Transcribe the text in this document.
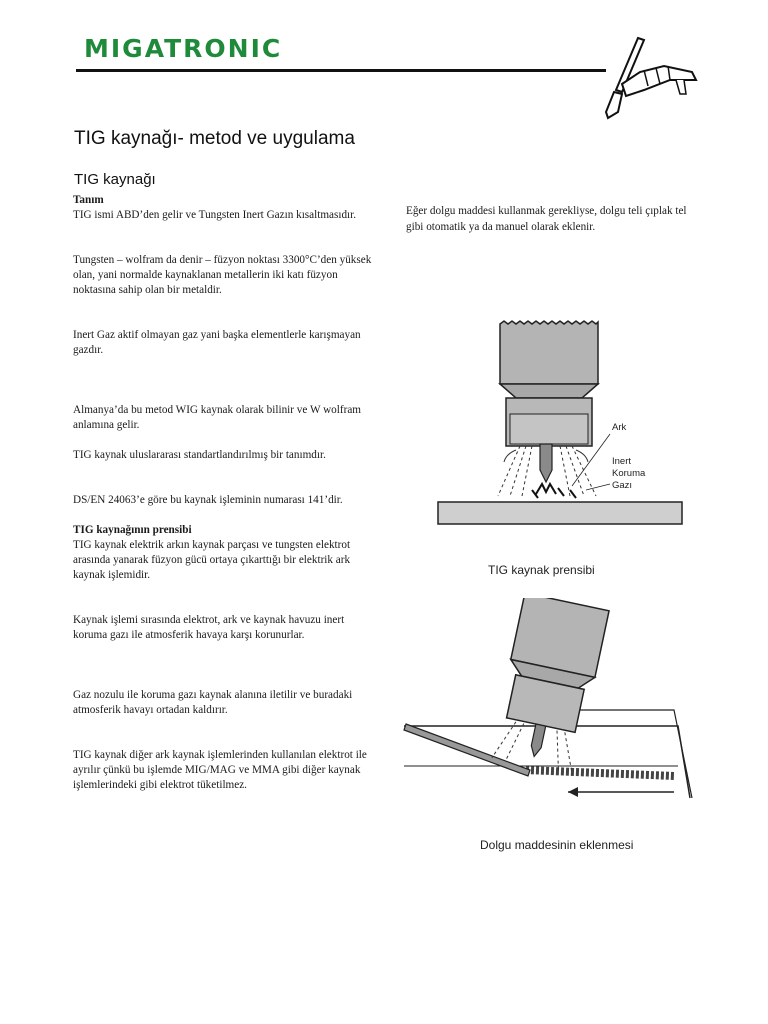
MIGATRONIC
TIG kaynağı- metod ve uygulama
TIG kaynağı
Tanım

TIG ismi ABD’den gelir ve Tungsten Inert Gazın kısaltmasıdır.

Tungsten – wolfram da denir – füzyon noktası 3300°C’den yüksek olan, yani normalde kaynaklanan metallerin iki katı füzyon noktasına sahip olan bir metaldir.

Inert Gaz aktif olmayan gaz yani başka elementlerle karışmayan gazdır.

Almanya’da bu metod WIG kaynak olarak bilinir ve W wolfram anlamına gelir.

TIG kaynak uluslararası standartlandırılmış bir tanımdır.

DS/EN 24063’e göre bu kaynak işleminin numarası 141’dir.

TIG kaynağının prensibi

TIG kaynak elektrik arkın kaynak parçası ve tungsten elektrot arasında yanarak füzyon gücü ortaya çıkarttığı bir elektrik ark kaynak işlemidir.

Kaynak işlemi sırasında elektrot, ark ve kaynak havuzu inert koruma gazı ile atmosferik havaya karşı korunurlar.

Gaz nozulu ile koruma gazı kaynak alanına iletilir ve buradaki atmosferik havayı ortadan kaldırır.

TIG kaynak diğer ark kaynak işlemlerinden kullanılan elektrot ile ayrılır çünkü bu işlemde MIG/MAG ve MMA gibi diğer kaynak işlemlerindeki gibi elektrot tüketilmez.

Eğer dolgu maddesi kullanmak gerekliyse, dolgu teli çıplak tel gibi otomatik ya da manuel olarak eklenir.

Ark
Inert
Koruma
Gazı

TIG kaynak prensibi

Dolgu maddesinin eklenmesi
